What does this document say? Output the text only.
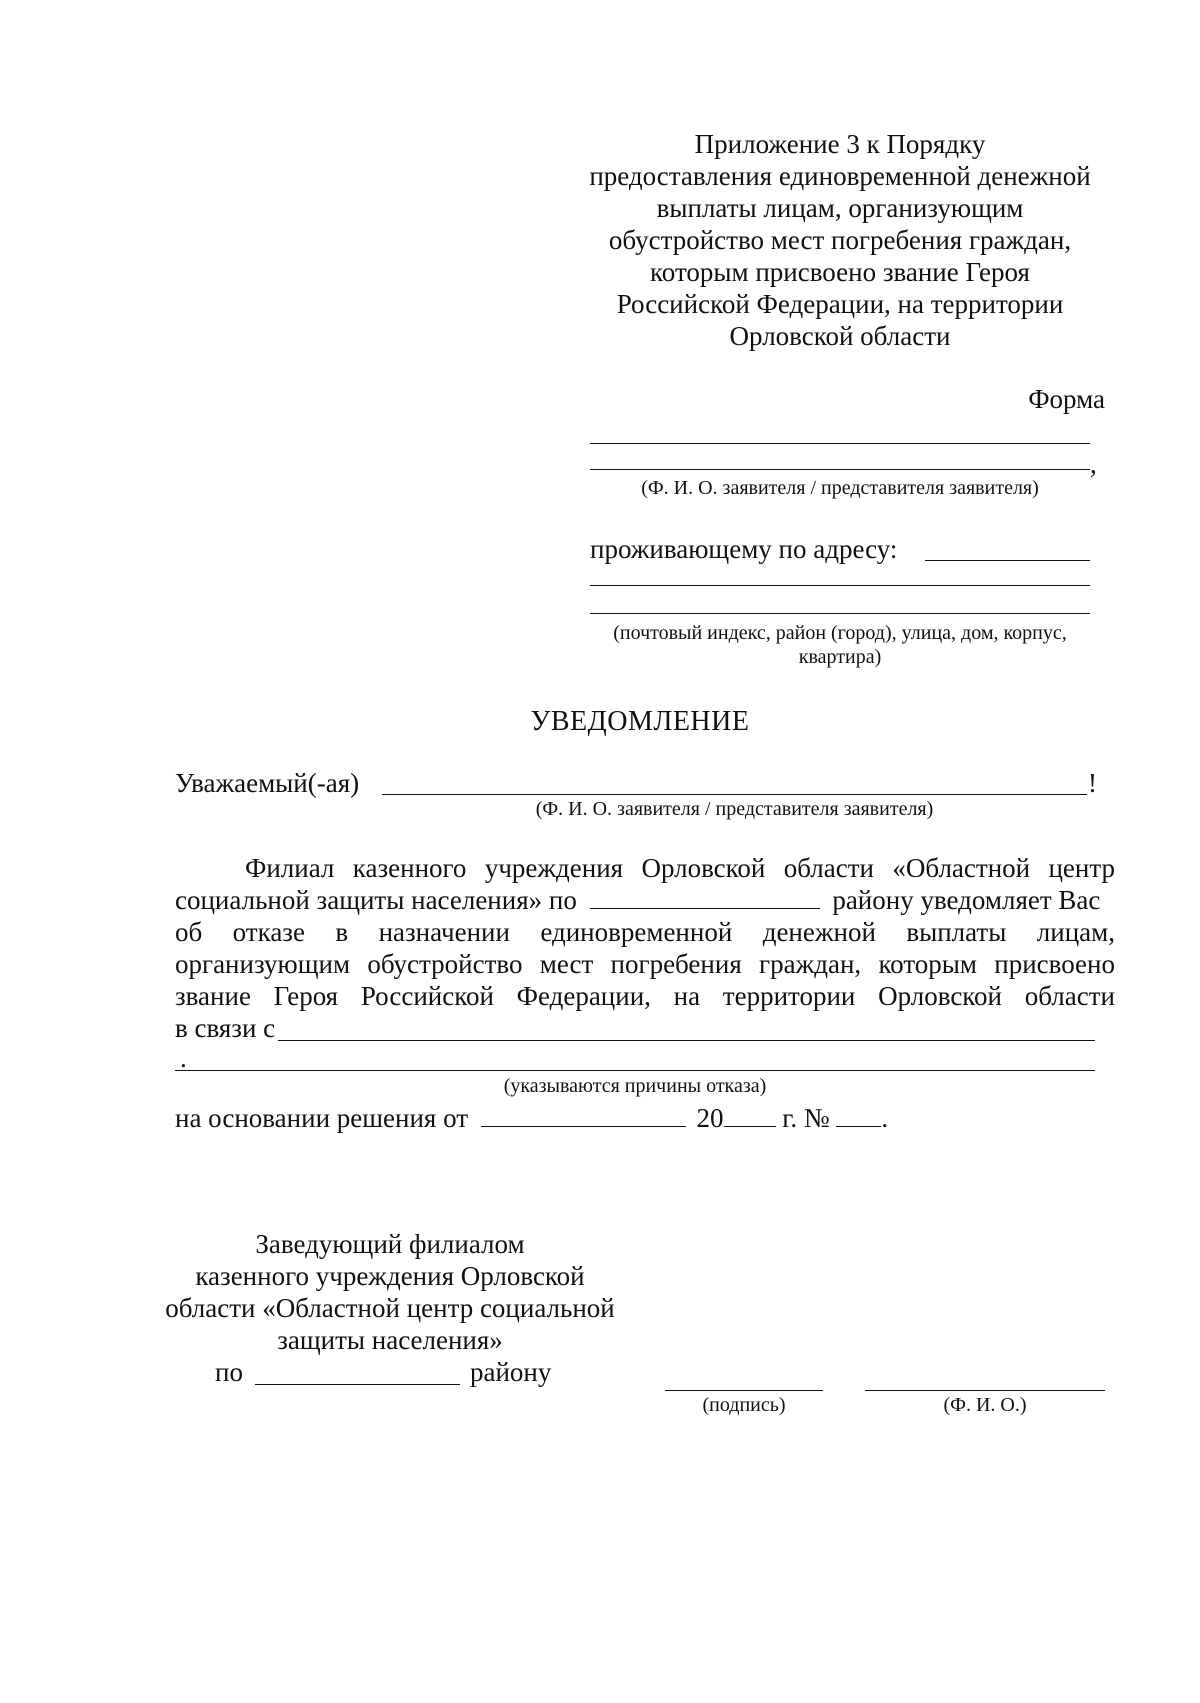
Приложение 3 к Порядку
предоставления единовременной денежной
выплаты лицам, организующим
обустройство мест погребения граждан,
которым присвоено звание Героя
Российской Федерации, на территории
Орловской области
Форма
,
(Ф. И. О. заявителя / представителя заявителя)
проживающему по адресу:
(почтовый индекс, район (город), улица, дом, корпус,
квартира)
УВЕДОМЛЕНИЕ
Уважаемый(-ая)	!
(Ф. И. О. заявителя / представителя заявителя)
Филиал казенного учреждения Орловской области «Областной центр
социальной защиты населения» по	району уведомляет Вас
об отказе в назначении единовременной денежной выплаты лицам,
организующим обустройство мест погребения граждан, которым присвоено
звание Героя Российской Федерации, на территории Орловской области
в связи с
.
(указываются причины отказа)
на основании решения от	20 г. № .
Заведующий филиалом
казенного учреждения Орловской
области «Областной центр социальной
защиты населения»
по	району
(подпись)	(Ф. И. О.)
